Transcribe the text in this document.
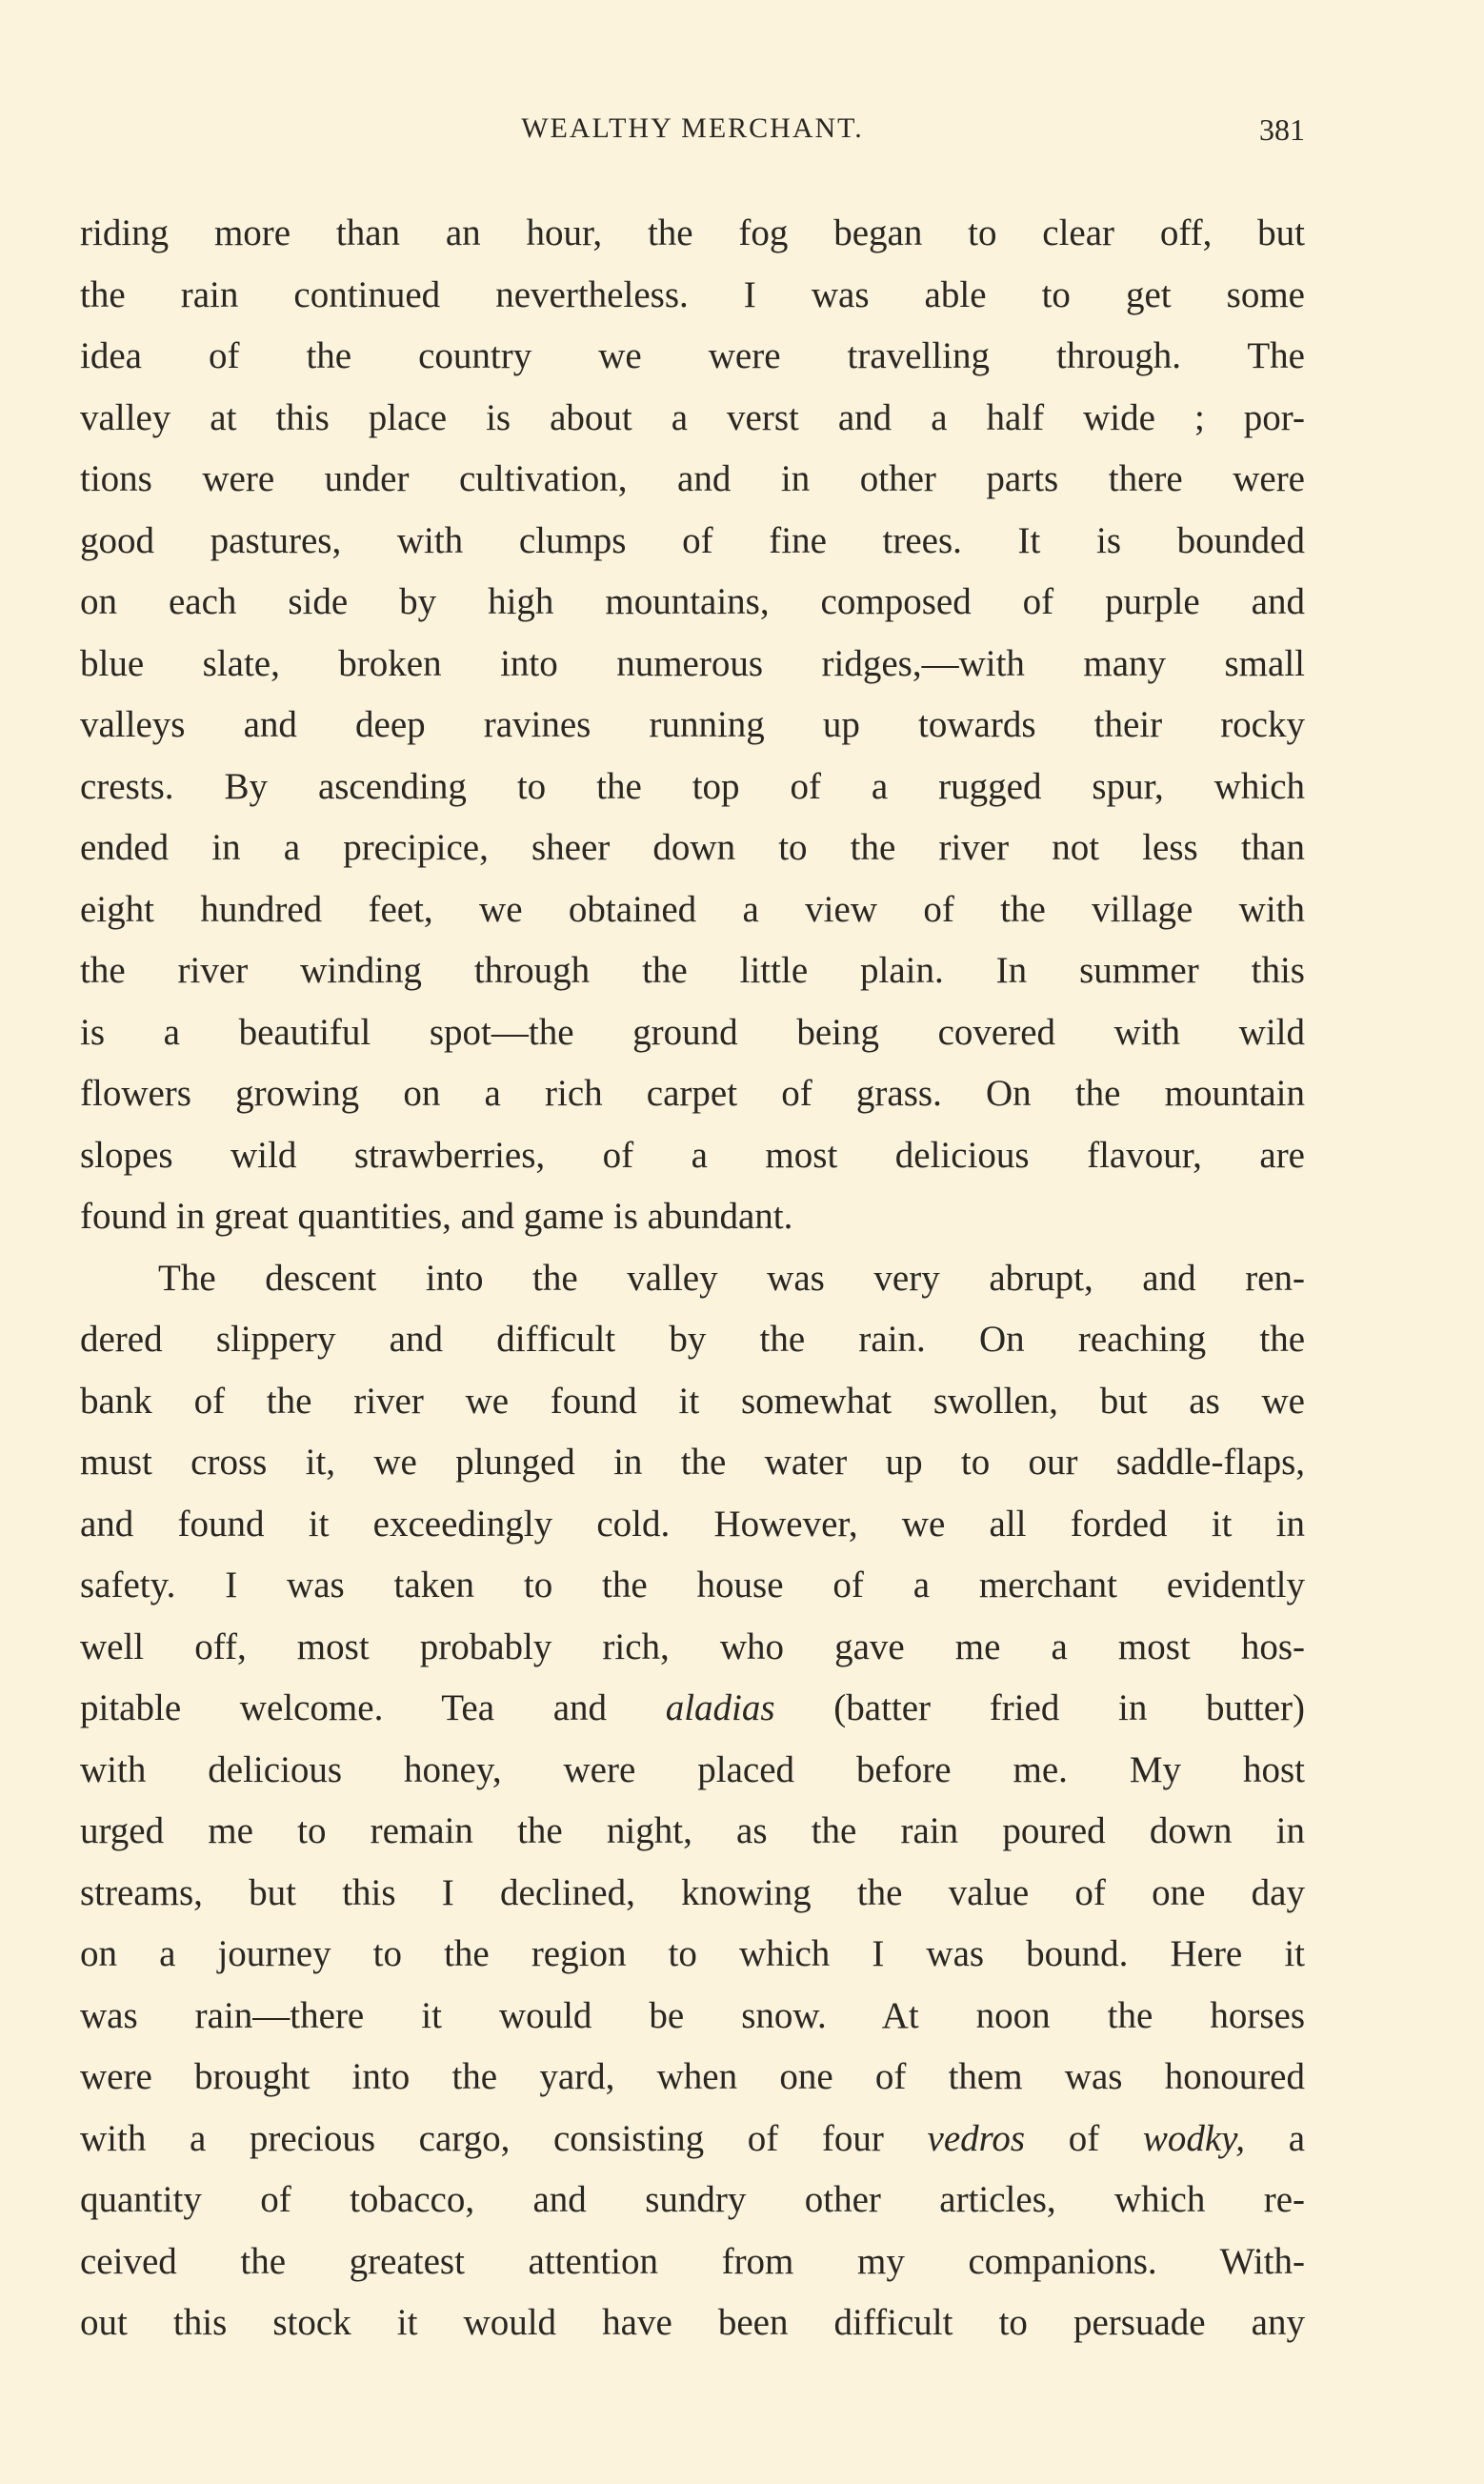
WEALTHY MERCHANT.	381
riding more than an hour, the fog began to clear off, but
the rain continued nevertheless. I was able to get some
idea of the country we were travelling through. The
valley at this place is about a verst and a half wide ; por-
tions were under cultivation, and in other parts there were
good pastures, with clumps of fine trees. It is bounded
on each side by high mountains, composed of purple and
blue slate, broken into numerous ridges,—with many small
valleys and deep ravines running up towards their rocky
crests. By ascending to the top of a rugged spur, which
ended in a precipice, sheer down to the river not less than
eight hundred feet, we obtained a view of the village with
the river winding through the little plain. In summer this
is a beautiful spot—the ground being covered with wild
flowers growing on a rich carpet of grass. On the mountain
slopes wild strawberries, of a most delicious flavour, are
found in great quantities, and game is abundant.
The descent into the valley was very abrupt, and ren-
dered slippery and difficult by the rain. On reaching the
bank of the river we found it somewhat swollen, but as we
must cross it, we plunged in the water up to our saddle-flaps,
and found it exceedingly cold. However, we all forded it in
safety. I was taken to the house of a merchant evidently
well off, most probably rich, who gave me a most hos-
pitable welcome. Tea and aladias (batter fried in butter)
with delicious honey, were placed before me. My host
urged me to remain the night, as the rain poured down in
streams, but this I declined, knowing the value of one day
on a journey to the region to which I was bound. Here it
was rain—there it would be snow. At noon the horses
were brought into the yard, when one of them was honoured
with a precious cargo, consisting of four vedros of wodky, a
quantity of tobacco, and sundry other articles, which re-
ceived the greatest attention from my companions. With-
out this stock it would have been difficult to persuade any
